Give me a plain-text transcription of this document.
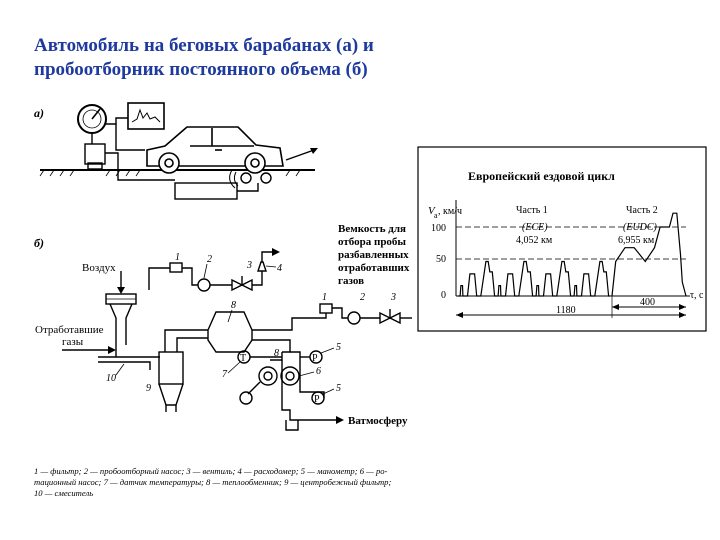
Автомобиль на беговых барабанах (а) и
пробоотборник постоянного объема (б)
а)
б)
Воздух
Отработавшие
газы
10
9
8
1	2
3	4
Вемкость для
отбора пробы
разбавленных
отработавших
газов
1	2	3
Ватмосферу
T	8
7
P
5
6
P
5
1 — фильтр; 2 — пробоотборный насос; 3 — вентиль; 4 — расходомер; 5 — манометр; 6 — ро-
тационный насос; 7 — датчик температуры; 8 — теплообменник; 9 — центробежный фильтр;
10 — смеситель
Европейский ездовой цикл
V а , км/ч
100
50
0	τ, с
Часть 1
(ECE)
4,052 км
Часть 2
(EUDC)
6,955 км
1180
400
